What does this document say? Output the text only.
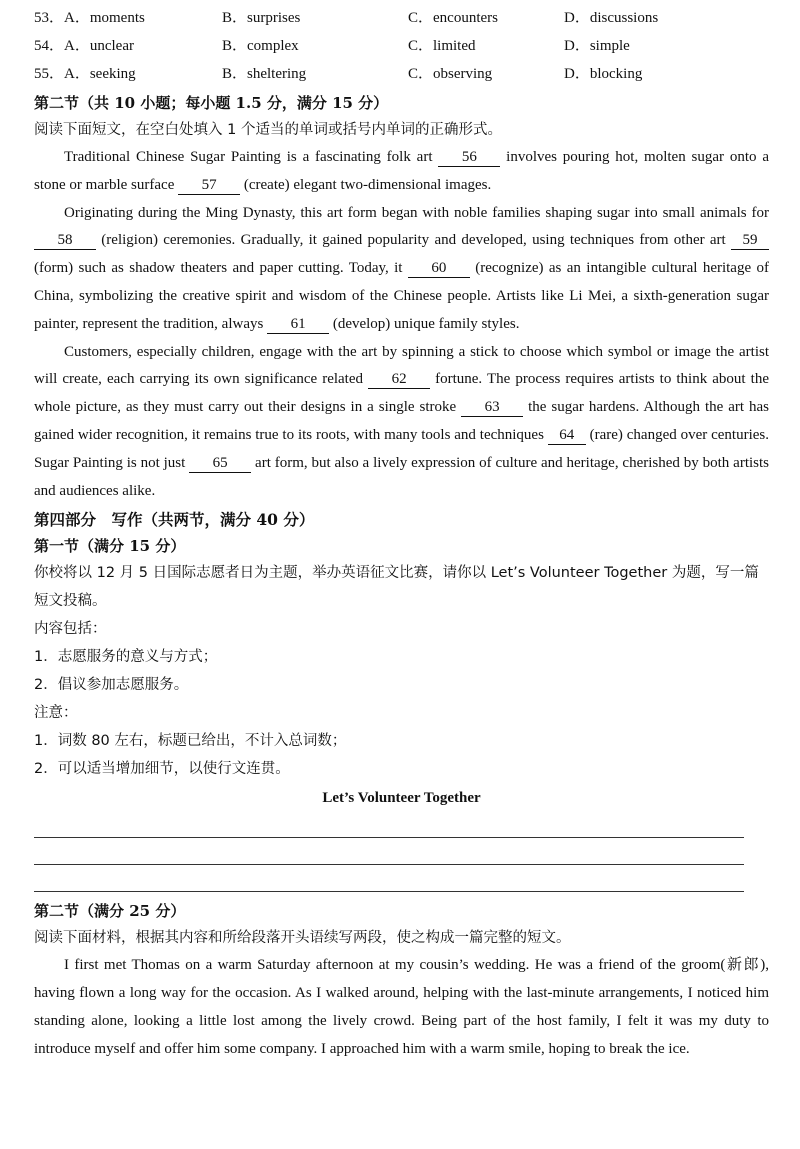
53． A．moments	B．surprises	C．encounters	D．discussions
54． A．unclear	B．complex	C．limited	D．simple
55． A．seeking	B．sheltering	C．observing	D．blocking
第二节（共 10 小题；每小题 1.5 分，满分 15 分）
阅读下面短文，在空白处填入 1 个适当的单词或括号内单词的正确形式。

Traditional Chinese Sugar Painting is a fascinating folk art 56 involves pouring hot, molten sugar onto a stone or marble surface 57 (create) elegant two-dimensional images.

Originating during the Ming Dynasty, this art form began with noble families shaping sugar into small animals for 58 (religion) ceremonies. Gradually, it gained popularity and developed, using techniques from other art 59 (form) such as shadow theaters and paper cutting. Today, it 60 (recognize) as an intangible cultural heritage of China, symbolizing the creative spirit and wisdom of the Chinese people. Artists like Li Mei, a sixth-generation sugar painter, represent the tradition, always 61 (develop) unique family styles.

Customers, especially children, engage with the art by spinning a stick to choose which symbol or image the artist will create, each carrying its own significance related 62 fortune. The process requires artists to think about the whole picture, as they must carry out their designs in a single stroke 63 the sugar hardens. Although the art has gained wider recognition, it remains true to its roots, with many tools and techniques 64 (rare) changed over centuries. Sugar Painting is not just 65 art form, but also a lively expression of culture and heritage, cherished by both artists and audiences alike.

第四部分　写作（共两节，满分 40 分）
第一节（满分 15 分）
你校将以 12 月 5 日国际志愿者日为主题，举办英语征文比赛，请你以 Let’s Volunteer Together 为题，写一篇短文投稿。
内容包括：
1．志愿服务的意义与方式；
2．倡议参加志愿服务。
注意：
1．词数 80 左右，标题已给出，不计入总词数；
2．可以适当增加细节，以使行文连贯。
Let’s Volunteer Together
第二节（满分 25 分）
阅读下面材料，根据其内容和所给段落开头语续写两段，使之构成一篇完整的短文。

I first met Thomas on a warm Saturday afternoon at my cousin’s wedding. He was a friend of the groom(新郎), having flown a long way for the occasion. As I walked around, helping with the last-minute arrangements, I noticed him standing alone, looking a little lost among the lively crowd. Being part of the host family, I felt it was my duty to introduce myself and offer him some company. I approached him with a warm smile, hoping to break the ice.
